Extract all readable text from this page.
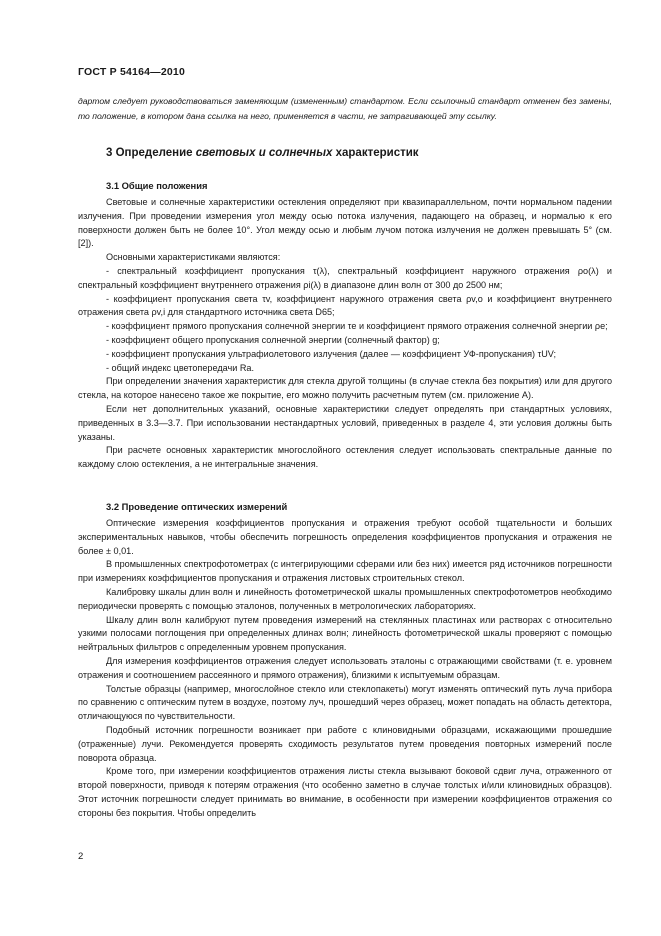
ГОСТ Р 54164—2010
дартом следует руководствоваться заменяющим (измененным) стандартом. Если ссылочный стандарт отменен без замены, то положение, в котором дана ссылка на него, применяется в части, не затрагивающей эту ссылку.
3 Определение световых и солнечных характеристик
3.1 Общие положения

Световые и солнечные характеристики остекления определяют при квазипараллельном, почти нормальном падении излучения. При проведении измерения угол между осью потока излучения, падающего на образец, и нормалью к его поверхности должен быть не более 10°. Угол между осью и любым лучом потока излучения не должен превышать 5° (см. [2]).

Основными характеристиками являются:

- спектральный коэффициент пропускания τ(λ), спектральный коэффициент наружного отражения ρo(λ) и спектральный коэффициент внутреннего отражения ρi(λ) в диапазоне длин волн от 300 до 2500 нм;

- коэффициент пропускания света τv, коэффициент наружного отражения света ρv,o и коэффициент внутреннего отражения света ρv,i для стандартного источника света D65;

- коэффициент прямого пропускания солнечной энергии τe и коэффициент прямого отражения солнечной энергии ρe;

- коэффициент общего пропускания солнечной энергии (солнечный фактор) g;

- коэффициент пропускания ультрафиолетового излучения (далее — коэффициент УФ-пропускания) τUV;

- общий индекс цветопередачи Ra.

При определении значения характеристик для стекла другой толщины (в случае стекла без покрытия) или для другого стекла, на которое нанесено такое же покрытие, его можно получить расчетным путем (см. приложение А).

Если нет дополнительных указаний, основные характеристики следует определять при стандартных условиях, приведенных в 3.3—3.7. При использовании нестандартных условий, приведенных в разделе 4, эти условия должны быть указаны.

При расчете основных характеристик многослойного остекления следует использовать спектральные данные по каждому слою остекления, а не интегральные значения.

3.2 Проведение оптических измерений

Оптические измерения коэффициентов пропускания и отражения требуют особой тщательности и больших экспериментальных навыков, чтобы обеспечить погрешность определения коэффициентов пропускания и отражения не более ± 0,01.

В промышленных спектрофотометрах (с интегрирующими сферами или без них) имеется ряд источников погрешности при измерениях коэффициентов пропускания и отражения листовых строительных стекол.

Калибровку шкалы длин волн и линейность фотометрической шкалы промышленных спектрофотометров необходимо периодически проверять с помощью эталонов, полученных в метрологических лабораториях.

Шкалу длин волн калибруют путем проведения измерений на стеклянных пластинах или растворах с относительно узкими полосами поглощения при определенных длинах волн; линейность фотометрической шкалы проверяют с помощью нейтральных фильтров с определенным уровнем пропускания.

Для измерения коэффициентов отражения следует использовать эталоны с отражающими свойствами (т. е. уровнем отражения и соотношением рассеянного и прямого отражения), близкими к испытуемым образцам.

Толстые образцы (например, многослойное стекло или стеклопакеты) могут изменять оптический путь луча прибора по сравнению с оптическим путем в воздухе, поэтому луч, прошедший через образец, может попадать на область детектора, отличающуюся по чувствительности.

Подобный источник погрешности возникает при работе с клиновидными образцами, искажающими прошедшие (отраженные) лучи. Рекомендуется проверять сходимость результатов путем проведения повторных измерений после поворота образца.

Кроме того, при измерении коэффициентов отражения листы стекла вызывают боковой сдвиг луча, отраженного от второй поверхности, приводя к потерям отражения (что особенно заметно в случае толстых и/или клиновидных образцов). Этот источник погрешности следует принимать во внимание, в особенности при измерении коэффициентов отражения со стороны без покрытия. Чтобы определить

2
